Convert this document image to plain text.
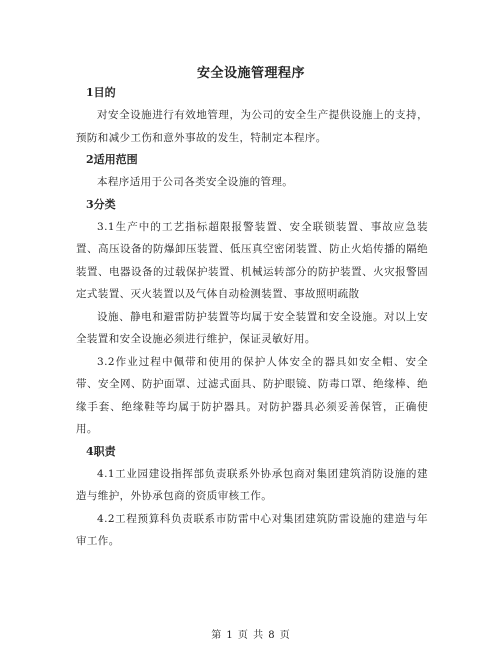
安全设施管理程序

1目的

对安全设施进行有效地管理，为公司的安全生产提供设施上的支持，预防和减少工伤和意外事故的发生，特制定本程序。

2适用范围

本程序适用于公司各类安全设施的管理。

3分类

3.1生产中的工艺指标超限报警装置、安全联锁装置、事故应急装置、高压设备的防爆卸压装置、低压真空密闭装置、防止火焰传播的隔绝装置、电器设备的过载保护装置、机械运转部分的防护装置、火灾报警固定式装置、灭火装置以及气体自动检测装置、事故照明疏散

设施、静电和避雷防护装置等均属于安全装置和安全设施。对以上安全装置和安全设施必须进行维护，保证灵敏好用。

3.2作业过程中佩带和使用的保护人体安全的器具如安全帽、安全带、安全网、防护面罩、过滤式面具、防护眼镜、防毒口罩、绝缘棒、绝缘手套、绝缘鞋等均属于防护器具。对防护器具必须妥善保管，正确使用。

4职责

4.1工业园建设指挥部负责联系外协承包商对集团建筑消防设施的建造与维护，外协承包商的资质审核工作。

4.2工程预算科负责联系市防雷中心对集团建筑防雷设施的建造与年审工作。

第 1 页 共 8 页
